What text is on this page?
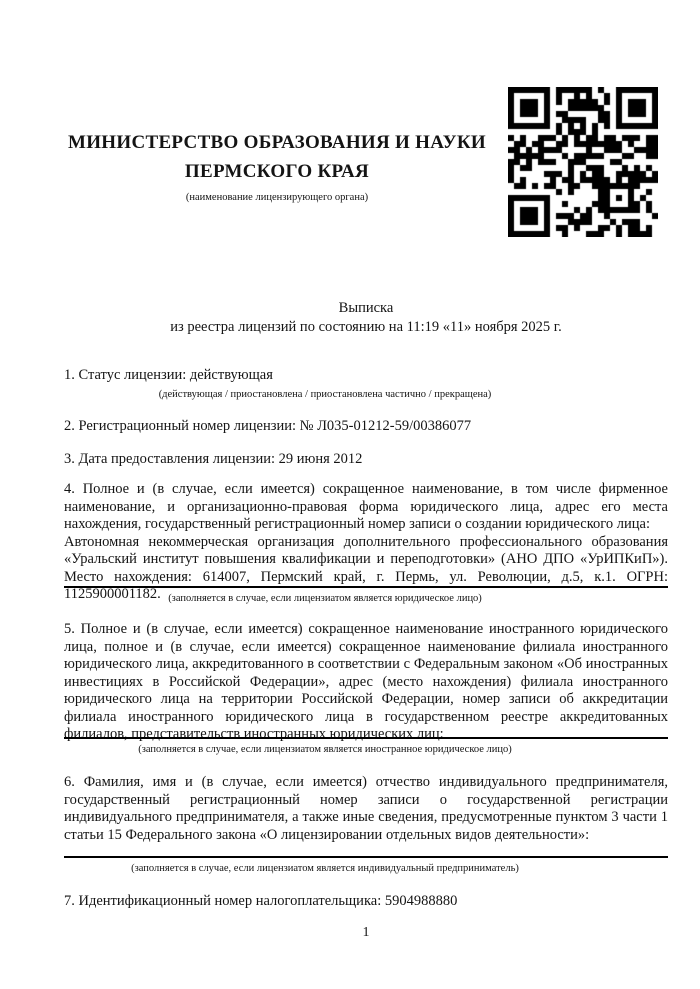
МИНИСТЕРСТВО ОБРАЗОВАНИЯ И НАУКИ
ПЕРМСКОГО КРАЯ
(наименование лицензирующего органа)
Выписка
из реестра лицензий по состоянию на 11:19 «11» ноября 2025 г.
1. Статус лицензии: действующая
(действующая / приостановлена / приостановлена частично / прекращена)
2. Регистрационный номер лицензии: № Л035-01212-59/00386077
3. Дата предоставления лицензии: 29 июня 2012
4. Полное и (в случае, если имеется) сокращенное наименование, в том числе фирменное наименование, и организационно-правовая форма юридического лица, адрес его места нахождения, государственный регистрационный номер записи о создании юридического лица:
Автономная некоммерческая организация дополнительного профессионального образования «Уральский институт повышения квалификации и переподготовки» (АНО ДПО «УрИПКиП»). Место нахождения: 614007, Пермский край, г. Пермь, ул. Революции, д.5, к.1. ОГРН: 1125900001182. (заполняется в случае, если лицензиатом является юридическое лицо)
5. Полное и (в случае, если имеется) сокращенное наименование иностранного юридического лица, полное и (в случае, если имеется) сокращенное наименование филиала иностранного юридического лица, аккредитованного в соответствии с Федеральным законом «Об иностранных инвестициях в Российской Федерации», адрес (место нахождения) филиала иностранного юридического лица на территории Российской Федерации, номер записи об аккредитации филиала иностранного юридического лица в государственном реестре аккредитованных филиалов, представительств иностранных юридических лиц:
(заполняется в случае, если лицензиатом является иностранное юридическое лицо)
6. Фамилия, имя и (в случае, если имеется) отчество индивидуального предпринимателя, государственный регистрационный номер записи о государственной регистрации индивидуального предпринимателя, а также иные сведения, предусмотренные пунктом 3 части 1 статьи 15 Федерального закона «О лицензировании отдельных видов деятельности»:
(заполняется в случае, если лицензиатом является индивидуальный предприниматель)
7. Идентификационный номер налогоплательщика: 5904988880
1
